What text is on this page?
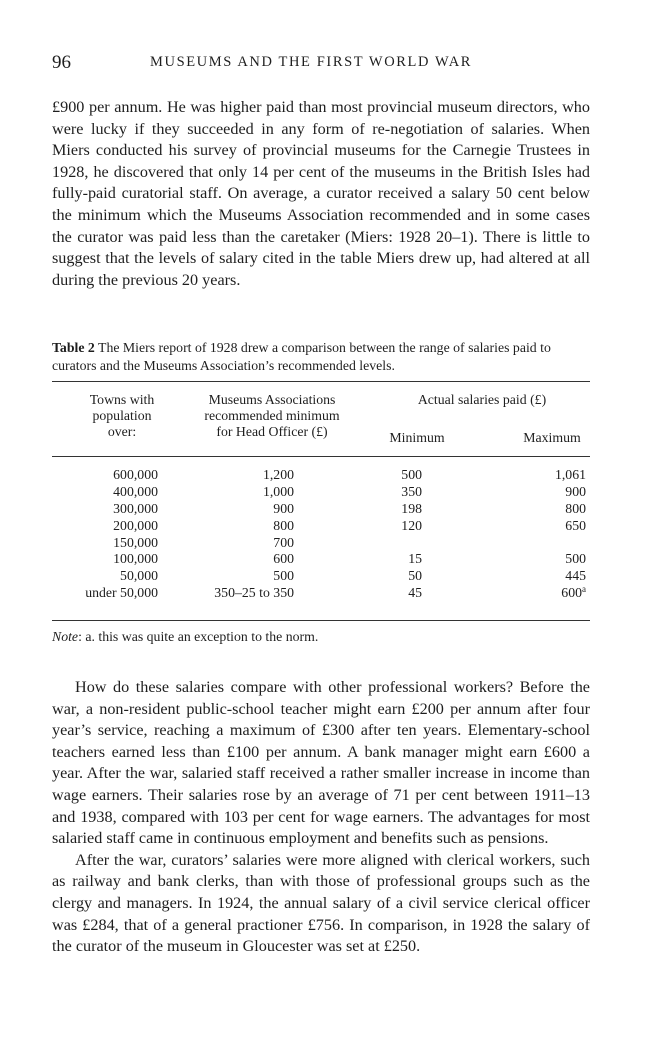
96	MUSEUMS AND THE FIRST WORLD WAR

£900 per annum. He was higher paid than most provincial museum directors, who were lucky if they succeeded in any form of re-negotiation of salaries. When Miers conducted his survey of provincial museums for the Carnegie Trustees in 1928, he discovered that only 14 per cent of the museums in the British Isles had fully-paid curatorial staff. On average, a curator received a salary 50 cent below the minimum which the Museums Association recommended and in some cases the curator was paid less than the caretaker (Miers: 1928 20–1). There is little to suggest that the levels of salary cited in the table Miers drew up, had altered at all during the previous 20 years.

Table 2 The Miers report of 1928 drew a comparison between the range of salaries paid to curators and the Museums Association’s recommended levels.
Towns with
population
over:
Museums Associations
recommended minimum
for Head Officer (£)
Actual salaries paid (£)
Minimum	Maximum
600,000	1,200	500	1,061
400,000	1,000	350	900
300,000	900	198	800
200,000	800	120	650
150,000	700
100,000	600	15	500
50,000	500	50	445
under 50,000	350–25 to 350	45	600$^a$
Note: a. this was quite an exception to the norm.

How do these salaries compare with other professional workers? Before the war, a non-resident public-school teacher might earn £200 per annum after four year’s service, reaching a maximum of £300 after ten years. Elementary-school teachers earned less than £100 per annum. A bank manager might earn £600 a year. After the war, salaried staff received a rather smaller increase in income than wage earners. Their salaries rose by an average of 71 per cent between 1911–13 and 1938, compared with 103 per cent for wage earners. The advantages for most salaried staff came in continuous employment and benefits such as pensions.

After the war, curators’ salaries were more aligned with clerical workers, such as railway and bank clerks, than with those of professional groups such as the clergy and managers. In 1924, the annual salary of a civil service clerical officer was £284, that of a general practioner £756. In comparison, in 1928 the salary of the curator of the museum in Gloucester was set at £250.
